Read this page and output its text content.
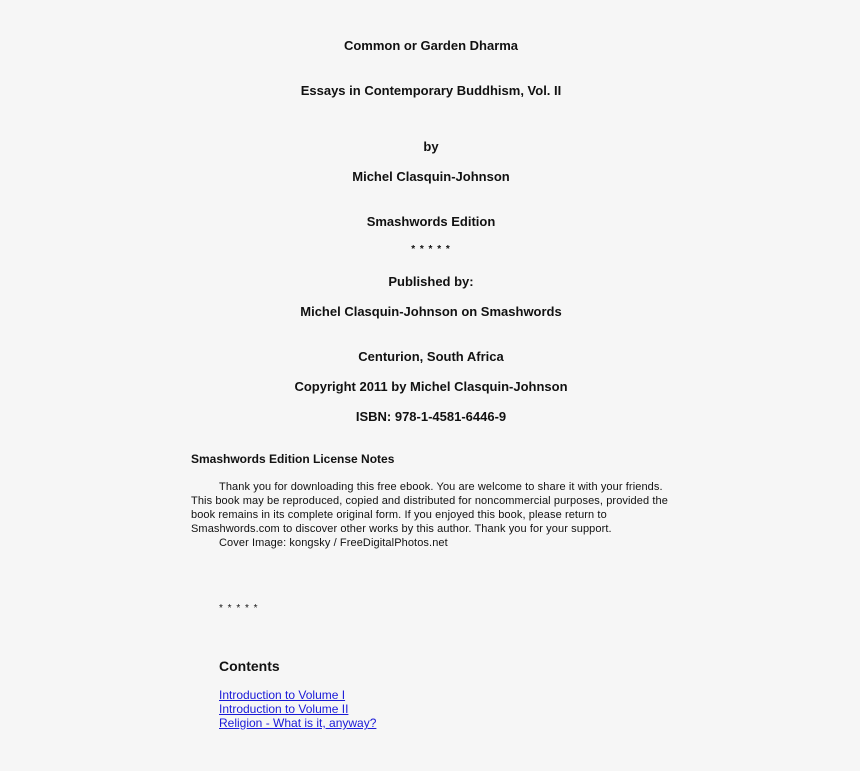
Common or Garden Dharma
Essays in Contemporary Buddhism, Vol. II
by
Michel Clasquin-Johnson
Smashwords Edition
* * * * *
Published by:
Michel Clasquin-Johnson on Smashwords
Centurion, South Africa
Copyright 2011 by Michel Clasquin-Johnson
ISBN: 978-1-4581-6446-9
Smashwords Edition License Notes

Thank you for downloading this free ebook. You are welcome to share it with your friends. This book may be reproduced, copied and distributed for noncommercial purposes, provided the book remains in its complete original form. If you enjoyed this book, please return to Smashwords.com to discover other works by this author. Thank you for your support.

Cover Image: kongsky / FreeDigitalPhotos.net

* * * * *
Contents
Introduction to Volume I
Introduction to Volume II
Religion - What is it, anyway?
